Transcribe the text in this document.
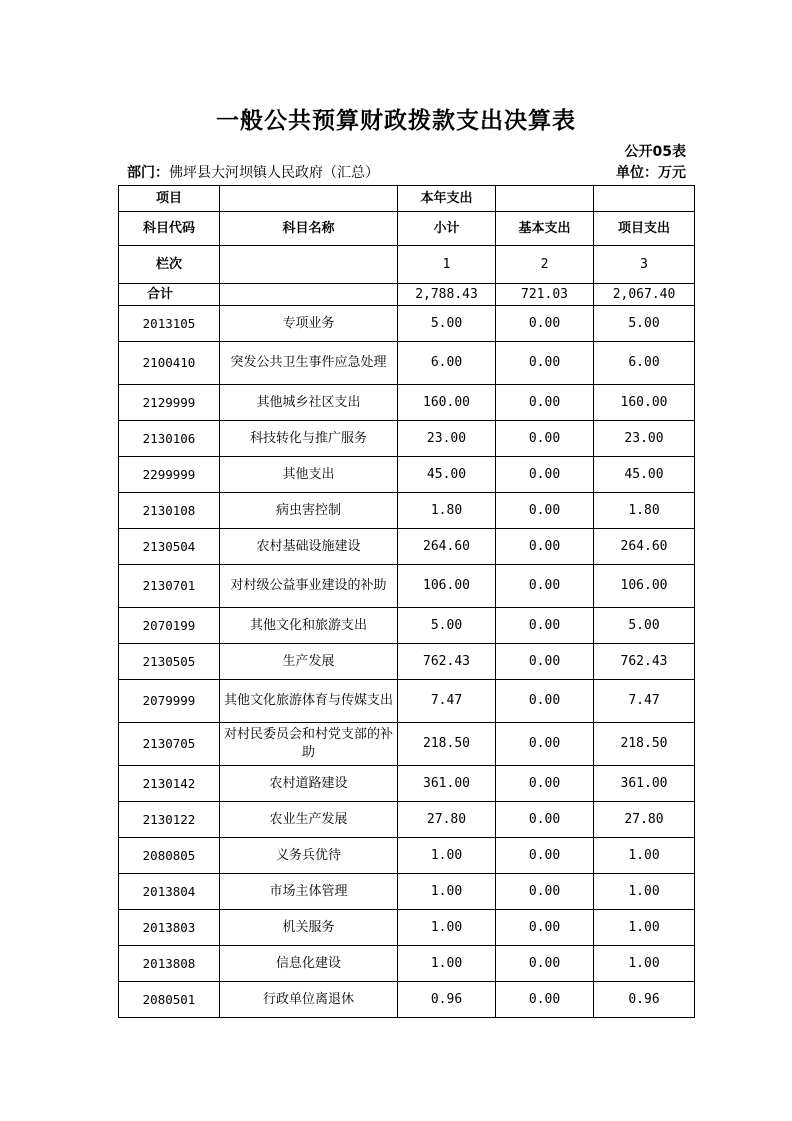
一般公共预算财政拨款支出决算表
公开05表
部门：佛坪县大河坝镇人民政府（汇总）	单位：万元
项目		本年支出		
科目代码	科目名称	小计	基本支出	项目支出
栏次		1	2	3
合计		2,788.43	721.03	2,067.40
2013105	专项业务	5.00	0.00	5.00
2100410	突发公共卫生事件应急处理	6.00	0.00	6.00
2129999	其他城乡社区支出	160.00	0.00	160.00
2130106	科技转化与推广服务	23.00	0.00	23.00
2299999	其他支出	45.00	0.00	45.00
2130108	病虫害控制	1.80	0.00	1.80
2130504	农村基础设施建设	264.60	0.00	264.60
2130701	对村级公益事业建设的补助	106.00	0.00	106.00
2070199	其他文化和旅游支出	5.00	0.00	5.00
2130505	生产发展	762.43	0.00	762.43
2079999	其他文化旅游体育与传媒支出	7.47	0.00	7.47
2130705	对村民委员会和村党支部的补助	218.50	0.00	218.50
2130142	农村道路建设	361.00	0.00	361.00
2130122	农业生产发展	27.80	0.00	27.80
2080805	义务兵优待	1.00	0.00	1.00
2013804	市场主体管理	1.00	0.00	1.00
2013803	机关服务	1.00	0.00	1.00
2013808	信息化建设	1.00	0.00	1.00
2080501	行政单位离退休	0.96	0.00	0.96
